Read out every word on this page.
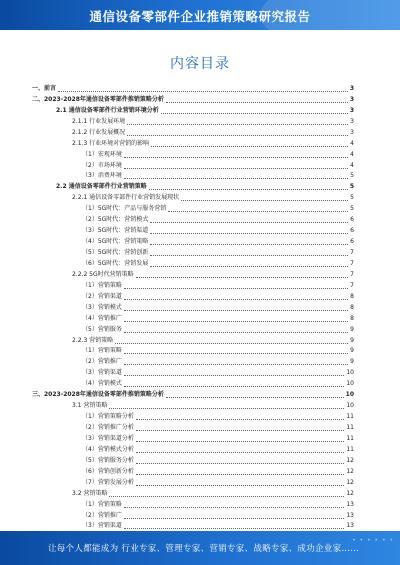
通信设备零部件企业推销策略研究报告
内容目录
一、前言	3
二、2023-2028年通信设备零部件推销策略分析	3
2.1 通信设备零部件行业营销环境分析	3
2.1.1 行业发展环境	3
2.1.2 行业发展概况	3
2.1.3 行业环境对营销的影响	4
（1）宏观环境	4
（2）市场环境	4
（3）消费环境	5
2.2 通信设备零部件行业营销策略	5
2.2.1 通信设备零部件行业营销发展现状	5
（1）5G时代：产品与服务营销	5
（2）5G时代：营销模式	6
（3）5G时代：营销渠道	6
（4）5G时代：营销策略	6
（5）5G时代：营销创新	7
（6）5G时代：营销发展	7
2.2.2 5G时代营销策略	7
（1）营销策略	7
（2）营销渠道	8
（3）营销模式	8
（4）营销推广	8
（5）营销服务	9
2.2.3 营销策略	9
（1）营销策略	9
（2）营销推广	9
（3）营销渠道	10
（4）营销模式	10
三、2023-2028年通信设备零部件推销策略分析	10
3.1 营销策略	10
（1）营销策略分析	11
（2）营销推广分析	11
（3）营销渠道分析	11
（4）营销模式分析	11
（5）营销服务分析	12
（6）营销创新分析	12
（7）营销发展分析	12
3.2 营销策略	12
（1）营销策略	13
（2）营销推广	13
（3）营销渠道	13
让每个人都能成为 行业专家、管理专家、营销专家、战略专家、成功企业家……
• • • • • •
